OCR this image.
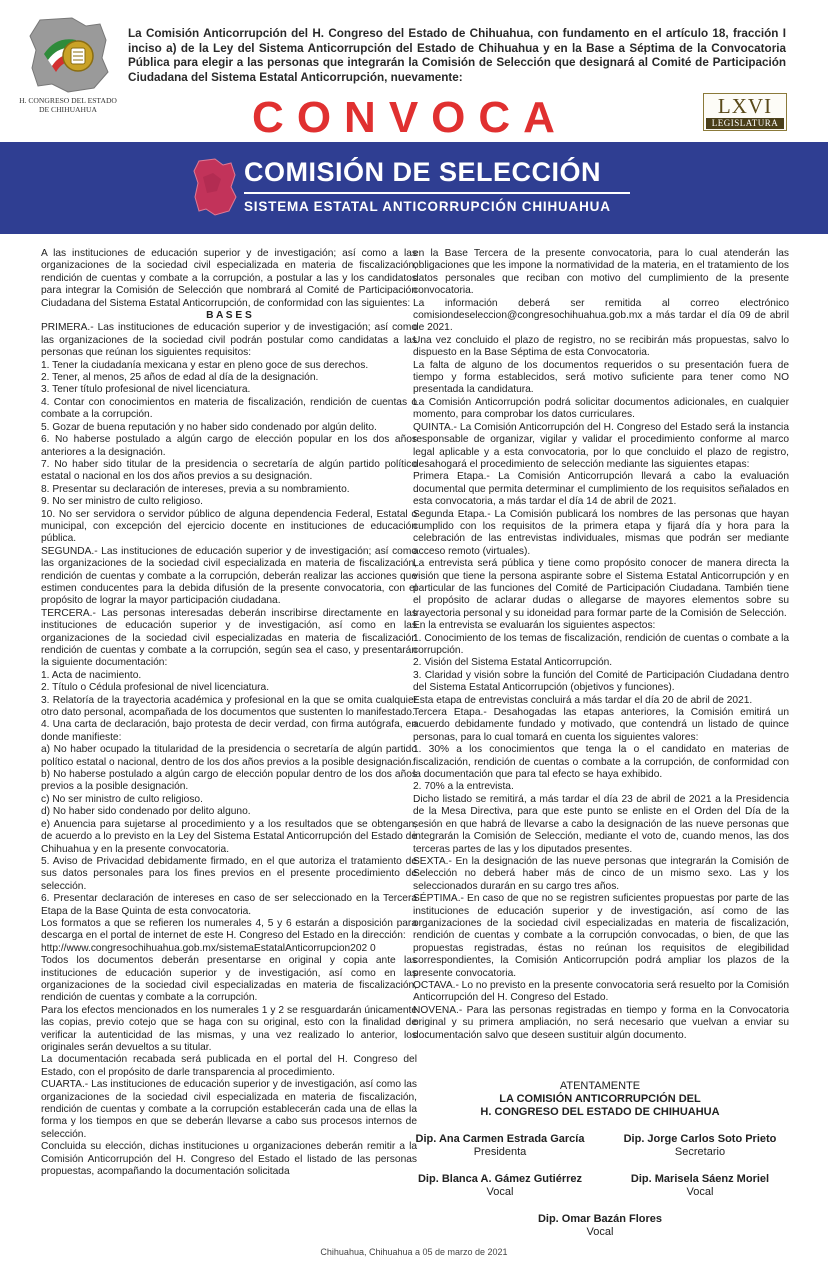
H. CONGRESO DEL ESTADO
DE CHIHUAHUA
La Comisión Anticorrupción del H. Congreso del Estado de Chihuahua, con fundamento en el artículo 18, fracción I inciso a) de la Ley del Sistema Anticorrupción del Estado de Chihuahua y en la Base a Séptima de la Convocatoria Pública para elegir a las personas que integrarán la Comisión de Selección que designará al Comité de Participación Ciudadana del Sistema Estatal Anticorrupción, nuevamente:
CONVOCA	LXVI
LEGISLATURA
COMISIÓN DE SELECCIÓN
SISTEMA ESTATAL ANTICORRUPCIÓN CHIHUAHUA

A las instituciones de educación superior y de investigación; así como a las organizaciones de la sociedad civil especializada en materia de fiscalización, rendición de cuentas y combate a la corrupción, a postular a las y los candidatos para integrar la Comisión de Selección que nombrará al Comité de Participación Ciudadana del Sistema Estatal Anticorrupción, de conformidad con las siguientes:

B A S E S

PRIMERA.- Las instituciones de educación superior y de investigación; así como las organizaciones de la sociedad civil podrán postular como candidatas a las personas que reúnan los siguientes requisitos:

1. Tener la ciudadanía mexicana y estar en pleno goce de sus derechos.

2. Tener, al menos, 25 años de edad al día de la designación.

3. Tener título profesional de nivel licenciatura.

4. Contar con conocimientos en materia de fiscalización, rendición de cuentas o combate a la corrupción.

5. Gozar de buena reputación y no haber sido condenado por algún delito.

6. No haberse postulado a algún cargo de elección popular en los dos años anteriores a la designación.

7. No haber sido titular de la presidencia o secretaría de algún partido político estatal o nacional en los dos años previos a su designación.

8. Presentar su declaración de intereses, previa a su nombramiento.

9. No ser ministro de culto religioso.

10. No ser servidora o servidor público de alguna dependencia Federal, Estatal o municipal, con excepción del ejercicio docente en instituciones de educación pública.

SEGUNDA.- Las instituciones de educación superior y de investigación; así como las organizaciones de la sociedad civil especializada en materia de fiscalización, rendición de cuentas y combate a la corrupción, deberán realizar las acciones que estimen conducentes para la debida difusión de la presente convocatoria, con el propósito de lograr la mayor participación ciudadana.

TERCERA.- Las personas interesadas deberán inscribirse directamente en las instituciones de educación superior y de investigación, así como en las organizaciones de la sociedad civil especializadas en materia de fiscalización rendición de cuentas y combate a la corrupción, según sea el caso, y presentarán la siguiente documentación:

1. Acta de nacimiento.

2. Título o Cédula profesional de nivel licenciatura.

3. Relatoría de la trayectoria académica y profesional en la que se omita cualquier otro dato personal, acompañada de los documentos que sustenten lo manifestado.

4. Una carta de declaración, bajo protesta de decir verdad, con firma autógrafa, en donde manifieste:

a) No haber ocupado la titularidad de la presidencia o secretaría de algún partido político estatal o nacional, dentro de los dos años previos a la posible designación.

b) No haberse postulado a algún cargo de elección popular dentro de los dos años previos a la posible designación.

c) No ser ministro de culto religioso.

d) No haber sido condenado por delito alguno.

e) Anuencia para sujetarse al procedimiento y a los resultados que se obtengan, de acuerdo a lo previsto en la Ley del Sistema Estatal Anticorrupción del Estado de Chihuahua y en la presente convocatoria.

5. Aviso de Privacidad debidamente firmado, en el que autoriza el tratamiento de sus datos personales para los fines previos en el presente procedimiento de selección.

6. Presentar declaración de intereses en caso de ser seleccionado en la Tercera Etapa de la Base Quinta de esta convocatoria.

Los formatos a que se refieren los numerales 4, 5 y 6 estarán a disposición para descarga en el portal de internet de este H. Congreso del Estado en la dirección:

http://www.congresochihuahua.gob.mx/sistemaEstatalAnticorrupcion202 0

Todos los documentos deberán presentarse en original y copia ante las instituciones de educación superior y de investigación, así como en las organizaciones de la sociedad civil especializadas en materia de fiscalización, rendición de cuentas y combate a la corrupción.

Para los efectos mencionados en los numerales 1 y 2 se resguardarán únicamente las copias, previo cotejo que se haga con su original, esto con la finalidad de verificar la autenticidad de las mismas, y una vez realizado lo anterior, los originales serán devueltos a su titular.

La documentación recabada será publicada en el portal del H. Congreso del Estado, con el propósito de darle transparencia al procedimiento.

CUARTA.- Las instituciones de educación superior y de investigación, así como las organizaciones de la sociedad civil especializada en materia de fiscalización, rendición de cuentas y combate a la corrupción establecerán cada una de ellas la forma y los tiempos en que se deberán llevarse a cabo sus procesos internos de selección.

Concluida su elección, dichas instituciones u organizaciones deberán remitir a la Comisión Anticorrupción del H. Congreso del Estado el listado de las personas propuestas, acompañando la documentación solicitada

en la Base Tercera de la presente convocatoria, para lo cual atenderán las obligaciones que les impone la normatividad de la materia, en el tratamiento de los datos personales que reciban con motivo del cumplimiento de la presente convocatoria.

La información deberá ser remitida al correo electrónico comisiondeseleccion@congresochihuahua.gob.mx a más tardar el día 09 de abril de 2021.

Una vez concluido el plazo de registro, no se recibirán más propuestas, salvo lo dispuesto en la Base Séptima de esta Convocatoria.

La falta de alguno de los documentos requeridos o su presentación fuera de tiempo y forma establecidos, será motivo suficiente para tener como NO presentada la candidatura.

La Comisión Anticorrupción podrá solicitar documentos adicionales, en cualquier momento, para comprobar los datos curriculares.

QUINTA.- La Comisión Anticorrupción del H. Congreso del Estado será la instancia responsable de organizar, vigilar y validar el procedimiento conforme al marco legal aplicable y a esta convocatoria, por lo que concluido el plazo de registro, desahogará el procedimiento de selección mediante las siguientes etapas:

Primera Etapa.- La Comisión Anticorrupción llevará a cabo la evaluación documental que permita determinar el cumplimiento de los requisitos señalados en esta convocatoria, a más tardar el día 14 de abril de 2021.

Segunda Etapa.- La Comisión publicará los nombres de las personas que hayan cumplido con los requisitos de la primera etapa y fijará día y hora para la celebración de las entrevistas individuales, mismas que podrán ser mediante acceso remoto (virtuales).

La entrevista será pública y tiene como propósito conocer de manera directa la visión que tiene la persona aspirante sobre el Sistema Estatal Anticorrupción y en particular de las funciones del Comité de Participación Ciudadana. También tiene el propósito de aclarar dudas o allegarse de mayores elementos sobre su trayectoria personal y su idoneidad para formar parte de la Comisión de Selección.

En la entrevista se evaluarán los siguientes aspectos:

1. Conocimiento de los temas de fiscalización, rendición de cuentas o combate a la corrupción.

2. Visión del Sistema Estatal Anticorrupción.

3. Claridad y visión sobre la función del Comité de Participación Ciudadana dentro del Sistema Estatal Anticorrupción (objetivos y funciones).

Esta etapa de entrevistas concluirá a más tardar el día 20 de abril de 2021.

Tercera Etapa.- Desahogadas las etapas anteriores, la Comisión emitirá un acuerdo debidamente fundado y motivado, que contendrá un listado de quince personas, para lo cual tomará en cuenta los siguientes valores:

1. 30% a los conocimientos que tenga la o el candidato en materias de fiscalización, rendición de cuentas o combate a la corrupción, de conformidad con la documentación que para tal efecto se haya exhibido.

2. 70% a la entrevista.

Dicho listado se remitirá, a más tardar el día 23 de abril de 2021 a la Presidencia de la Mesa Directiva, para que este punto se enliste en el Orden del Día de la sesión en que habrá de llevarse a cabo la designación de las nueve personas que integrarán la Comisión de Selección, mediante el voto de, cuando menos, las dos terceras partes de las y los diputados presentes.

SEXTA.- En la designación de las nueve personas que integrarán la Comisión de Selección no deberá haber más de cinco de un mismo sexo. Las y los seleccionados durarán en su cargo tres años.

SÉPTIMA.- En caso de que no se registren suficientes propuestas por parte de las instituciones de educación superior y de investigación, así como de las organizaciones de la sociedad civil especializadas en materia de fiscalización, rendición de cuentas y combate a la corrupción convocadas, o bien, de que las propuestas registradas, éstas no reúnan los requisitos de elegibilidad correspondientes, la Comisión Anticorrupción podrá ampliar los plazos de la presente convocatoria.

OCTAVA.- Lo no previsto en la presente convocatoria será resuelto por la Comisión Anticorrupción del H. Congreso del Estado.

NOVENA.- Para las personas registradas en tiempo y forma en la Convocatoria original y su primera ampliación, no será necesario que vuelvan a enviar su documentación salvo que deseen sustituir algún documento.

ATENTAMENTE
LA COMISIÓN ANTICORRUPCIÓN DEL
H. CONGRESO DEL ESTADO DE CHIHUAHUA
Dip. Ana Carmen Estrada García
Presidenta
Dip. Jorge Carlos Soto Prieto
Secretario
Dip. Blanca A. Gámez Gutiérrez
Vocal
Dip. Marisela Sáenz Moriel
Vocal
Dip. Omar Bazán Flores
Vocal
Chihuahua, Chihuahua a 05 de marzo de 2021
